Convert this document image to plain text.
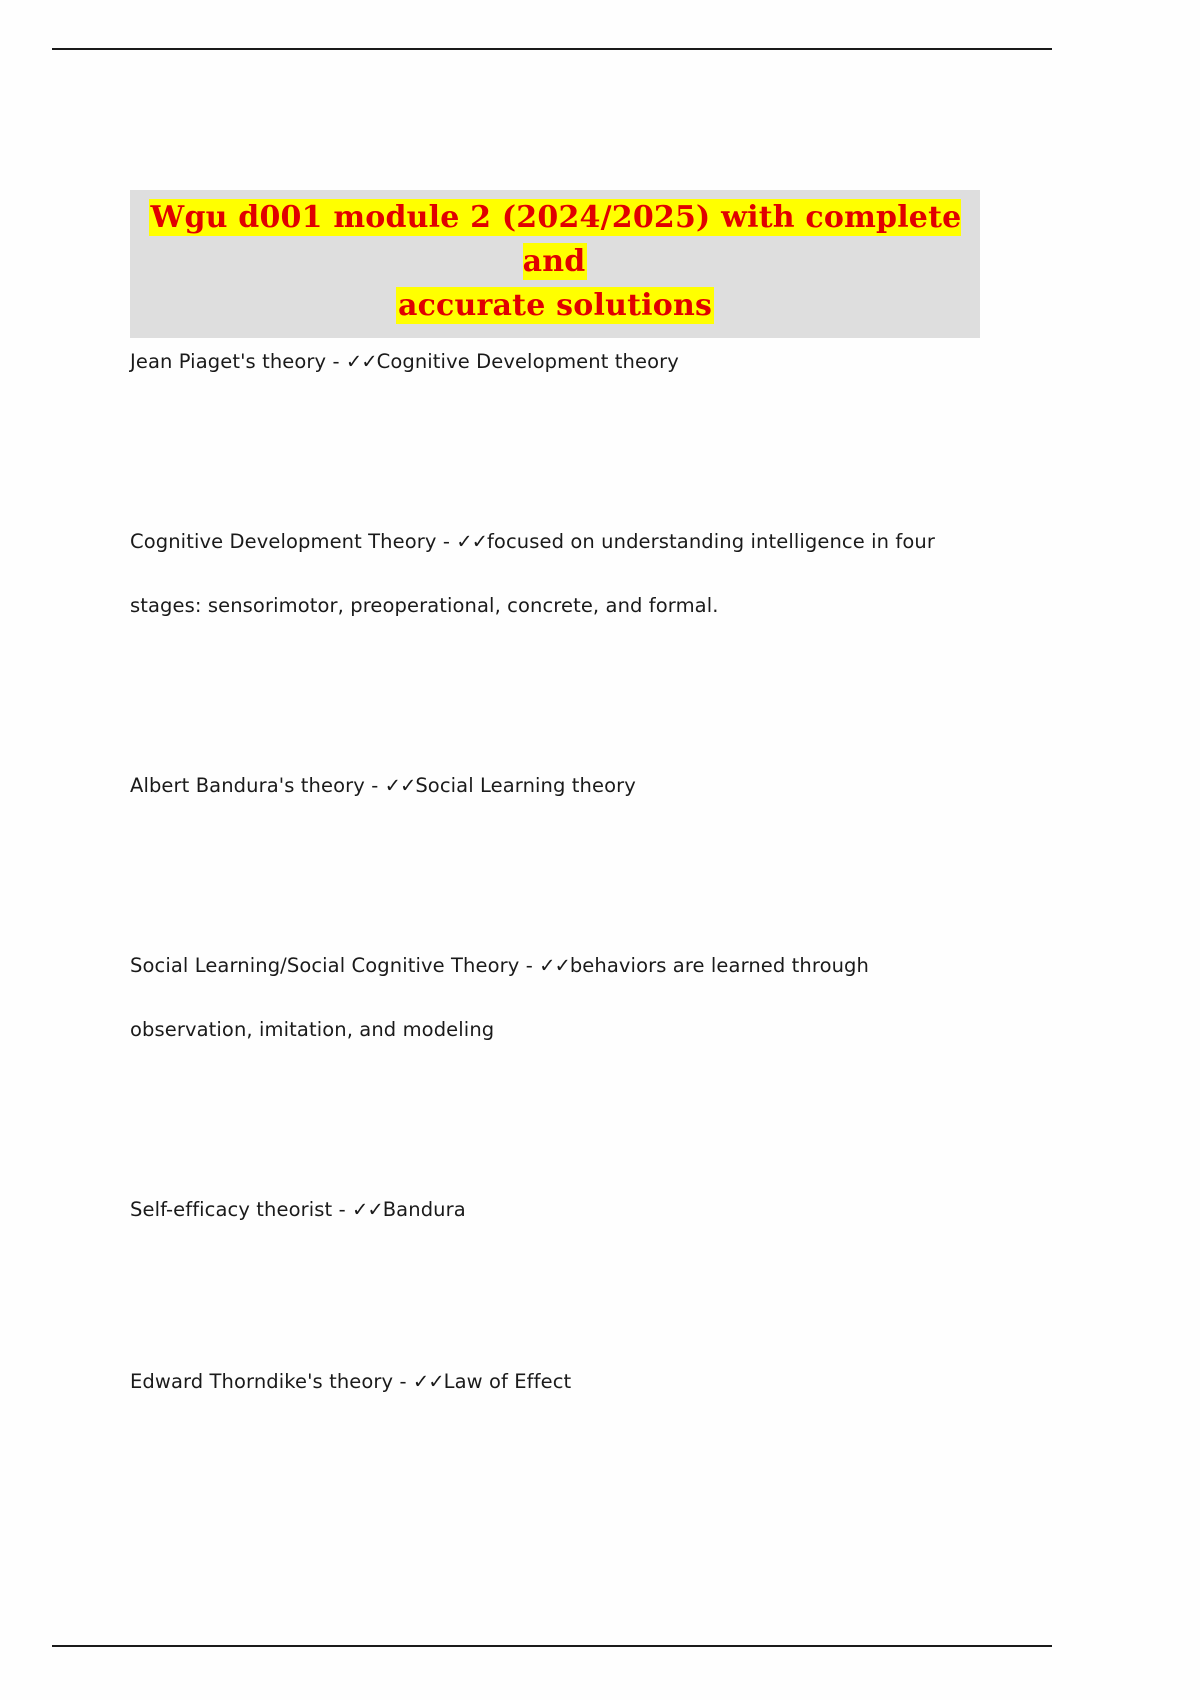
Wgu d001 module 2 (2024/2025) with complete and
accurate solutions
Jean Piaget's theory - ✓✓Cognitive Development theory
Cognitive Development Theory - ✓✓focused on understanding intelligence in four
stages: sensorimotor, preoperational, concrete, and formal.
Albert Bandura's theory - ✓✓Social Learning theory
Social Learning/Social Cognitive Theory - ✓✓behaviors are learned through
observation, imitation, and modeling
Self-efficacy theorist - ✓✓Bandura
Edward Thorndike's theory - ✓✓Law of Effect
